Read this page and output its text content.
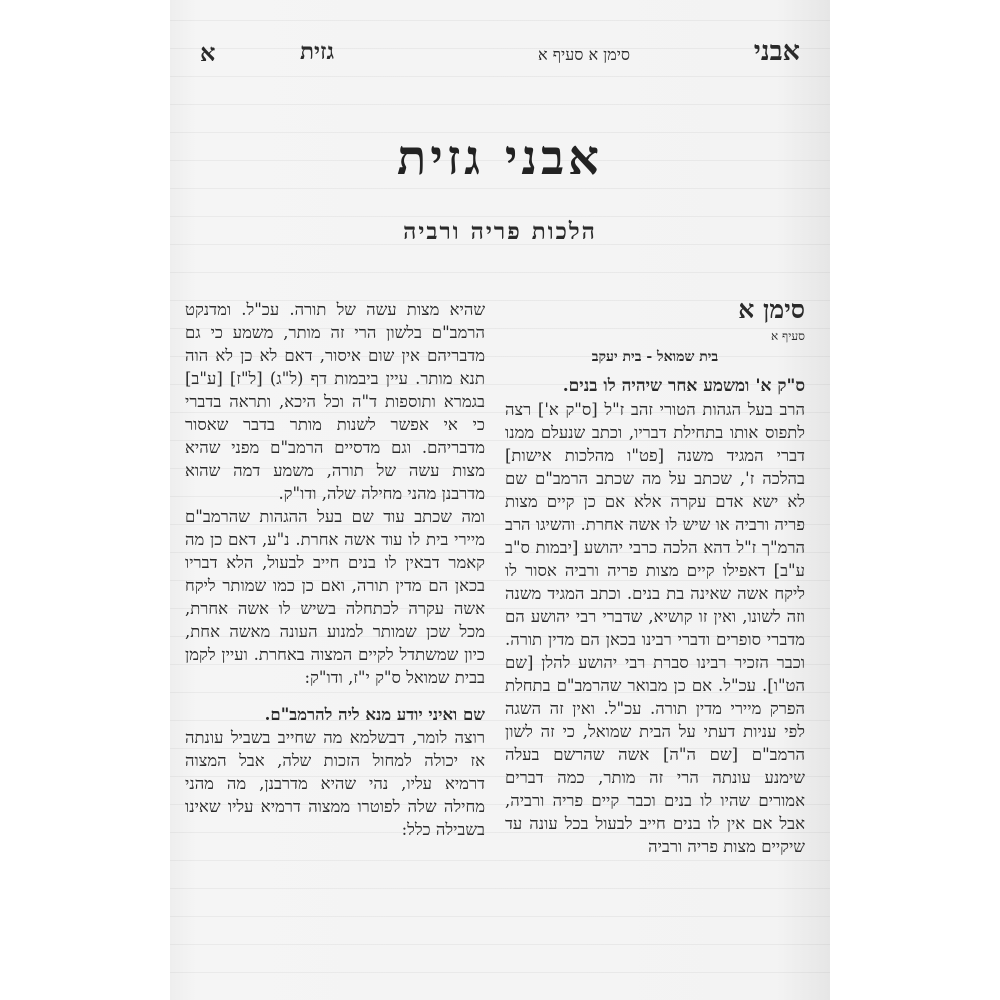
אבני
סימן א סעיף א
גזית
א
אבני גזית
הלכות פריה ורביה
סימן א
סעיף א
בית שמואל - בית יעקב
ס"ק א' ומשמע אחר שיהיה לו בנים.
הרב בעל הגהות הטורי זהב ז"ל [ס"ק א'] רצה לתפוס אותו בתחילת דבריו, וכתב שנעלם ממנו דברי המגיד משנה [פט"ו מהלכות אישות] בהלכה ז', שכתב על מה שכתב הרמב"ם שם לא ישא אדם עקרה אלא אם כן קיים מצות פריה ורביה או שיש לו אשה אחרת. והשיגו הרב הרמ"ך ז"ל דהא הלכה כרבי יהושע [יבמות ס"ב ע"ב] דאפילו קיים מצות פריה ורביה אסור לו ליקח אשה שאינה בת בנים. וכתב המגיד משנה וזה לשונו, ואין זו קושיא, שדברי רבי יהושע הם מדברי סופרים ודברי רבינו בכאן הם מדין תורה. וכבר הזכיר רבינו סברת רבי יהושע להלן [שם הט"ו]. עכ"ל. אם כן מבואר שהרמב"ם בתחלת הפרק מיירי מדין תורה. עכ"ל. ואין זה השגה לפי עניות דעתי על הבית שמואל, כי זה לשון הרמב"ם [שם ה"ה] אשה שהרשם בעלה שימנע עונתה הרי זה מותר, כמה דברים אמורים שהיו לו בנים וכבר קיים פריה ורביה, אבל אם אין לו בנים חייב לבעול בכל עונה עד שיקיים מצות פריה ורביה
שהיא מצות עשה של תורה. עכ"ל. ומדנקט הרמב"ם בלשון הרי זה מותר, משמע כי גם מדבריהם אין שום איסור, דאם לא כן לא הוה תנא מותר. עיין ביבמות דף (ל"ג) [ל"ז] [ע"ב] בגמרא ותוספות ד"ה וכל היכא, ותראה בדברי כי אי אפשר לשנות מותר בדבר שאסור מדבריהם. וגם מדסיים הרמב"ם מפני שהיא מצות עשה של תורה, משמע דמה שהוא מדרבנן מהני מחילה שלה, ודו"ק.
ומה שכתב עוד שם בעל ההגהות שהרמב"ם מיירי בית לו עוד אשה אחרת. נ"ע, דאם כן מה קאמר דבאין לו בנים חייב לבעול, הלא דבריו בכאן הם מדין תורה, ואם כן כמו שמותר ליקח אשה עקרה לכתחלה בשיש לו אשה אחרת, מכל שכן שמותר למנוע העונה מאשה אחת, כיון שמשתדל לקיים המצוה באחרת. ועיין לקמן בבית שמואל ס"ק י"ז, ודו"ק:
שם ואיני יודע מנא ליה להרמב"ם.
רוצה לומר, דבשלמא מה שחייב בשביל עונתה אז יכולה למחול הזכות שלה, אבל המצוה דרמיא עליו, נהי שהיא מדרבנן, מה מהני מחילה שלה לפוטרו ממצוה דרמיא עליו שאינו בשבילה כלל:
